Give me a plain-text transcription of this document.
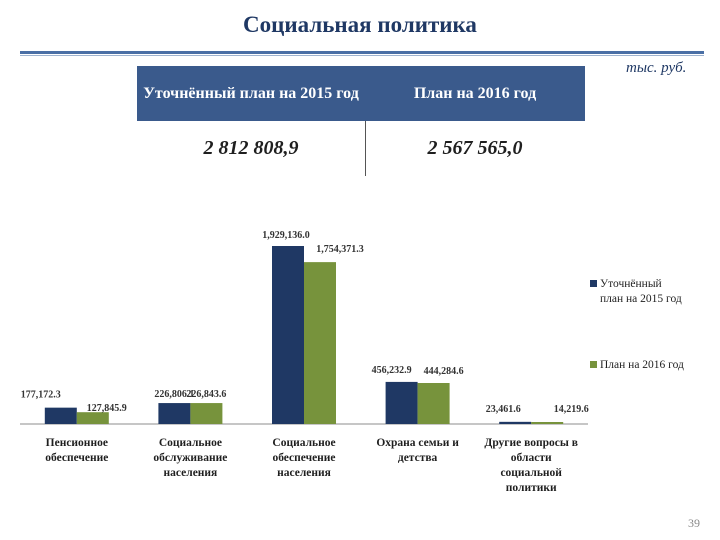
Социальная политика
тыс. руб.
Уточнённый план на 2015 год	План на 2016 год
2 812 808,9	2 567 565,0
177,172.3
127,845.9
Пенсионное
обеспечение
226,806.1
226,843.6
Социальное
обслуживание
населения
1,929,136.0
1,754,371.3
Социальное
обеспечение
населения
456,232.9 444,284.6
Охрана семьи и
детства
23,461.6	14,219.6
Другие вопросы в
области
социальной
политики
Уточнённый
план на 2015 год
План на 2016 год
39
